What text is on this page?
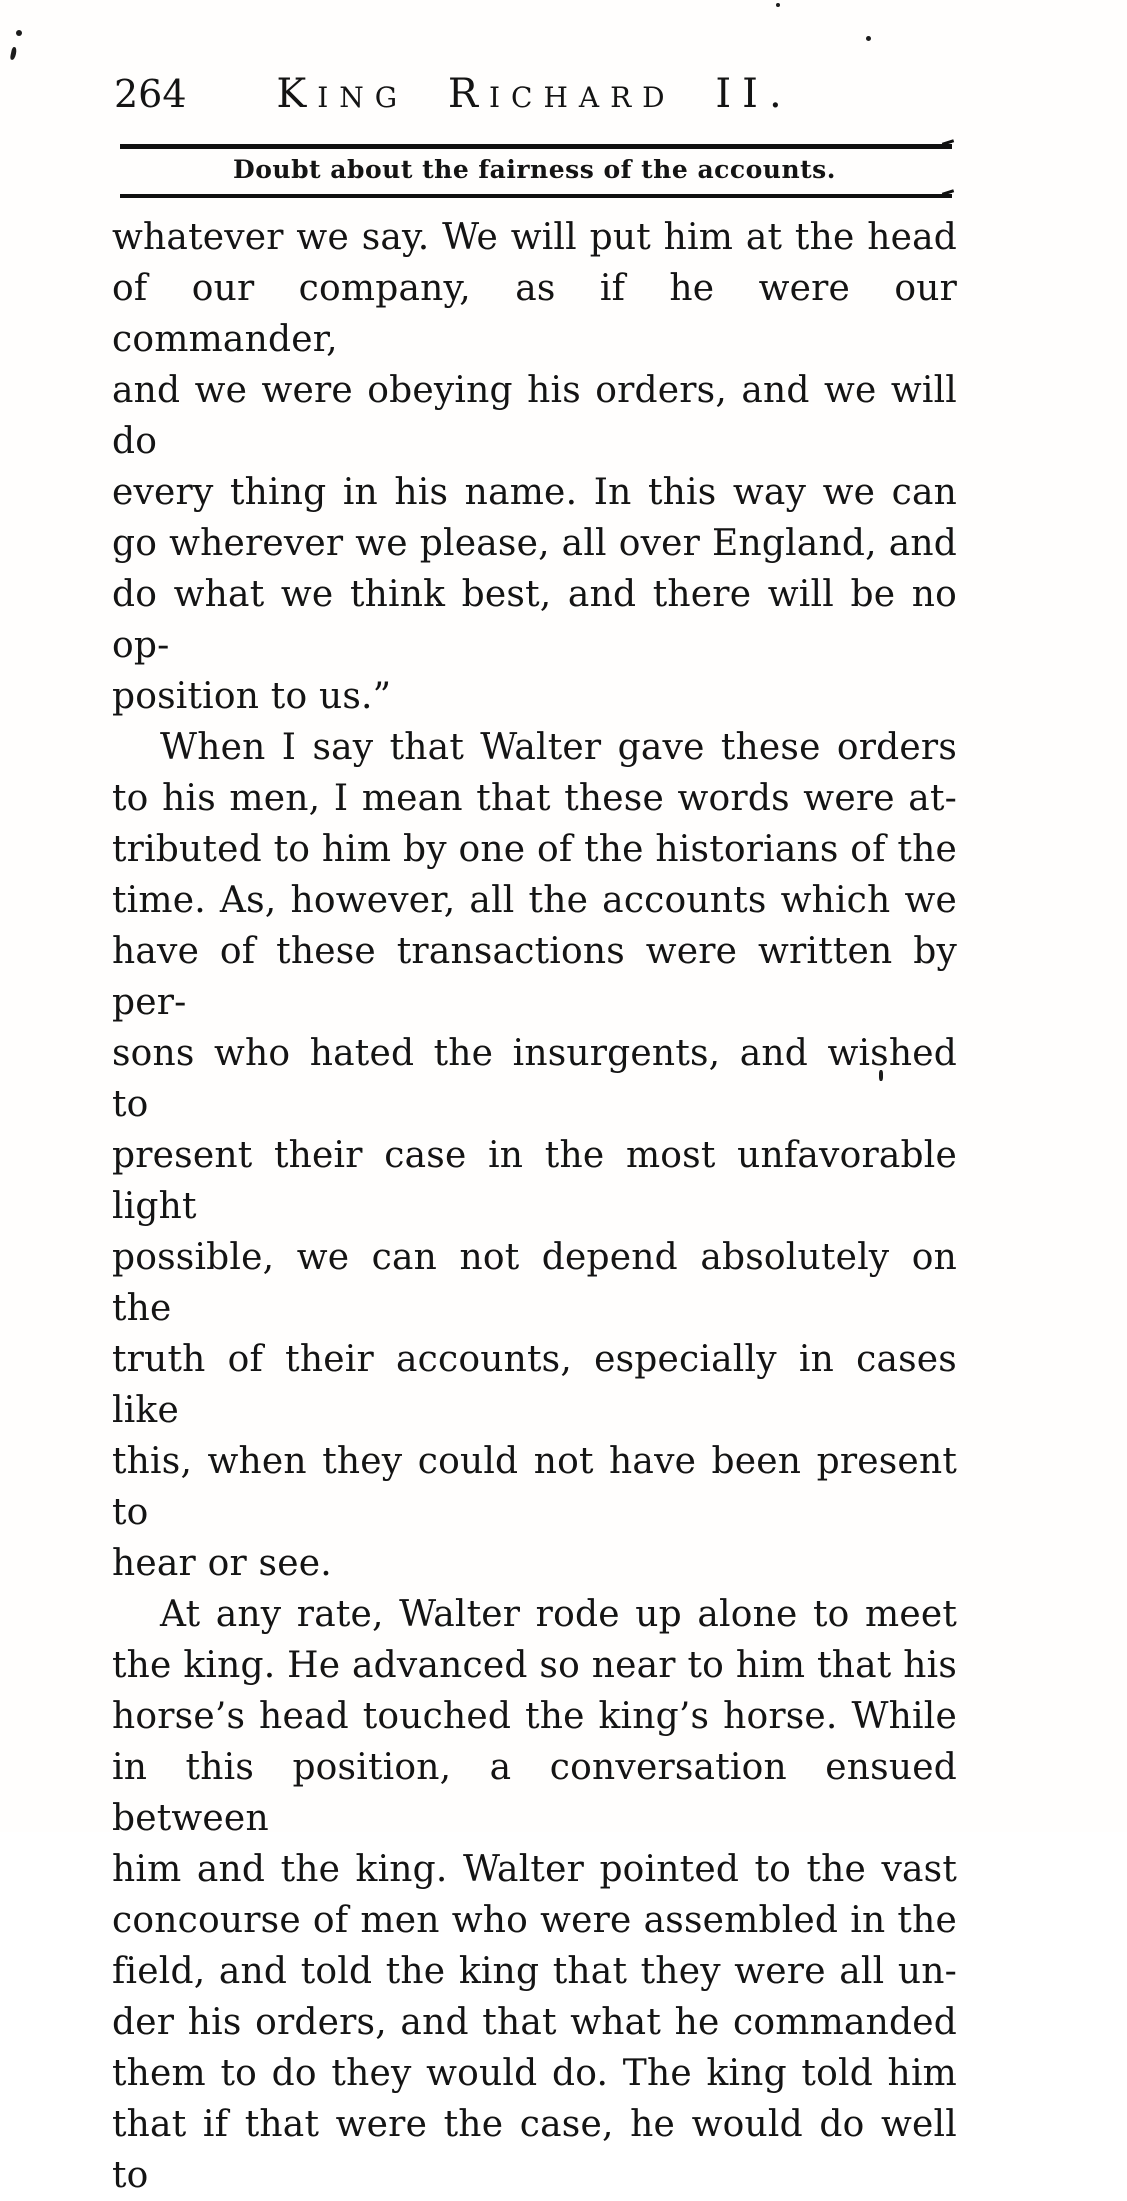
264	King Richard II.
Doubt about the fairness of the accounts.
whatever we say. We will put him at the head
of our company, as if he were our commander,
and we were obeying his orders, and we will do
every thing in his name. In this way we can
go wherever we please, all over England, and
do what we think best, and there will be no op-
position to us.”
When I say that Walter gave these orders
to his men, I mean that these words were at-
tributed to him by one of the historians of the
time. As, however, all the accounts which we
have of these transactions were written by per-
sons who hated the insurgents, and wished to
present their case in the most unfavorable light
possible, we can not depend absolutely on the
truth of their accounts, especially in cases like
this, when they could not have been present to
hear or see.
At any rate, Walter rode up alone to meet
the king. He advanced so near to him that his
horse’s head touched the king’s horse. While
in this position, a conversation ensued between
him and the king. Walter pointed to the vast
concourse of men who were assembled in the
field, and told the king that they were all un-
der his orders, and that what he commanded
them to do they would do. The king told him
that if that were the case, he would do well to
